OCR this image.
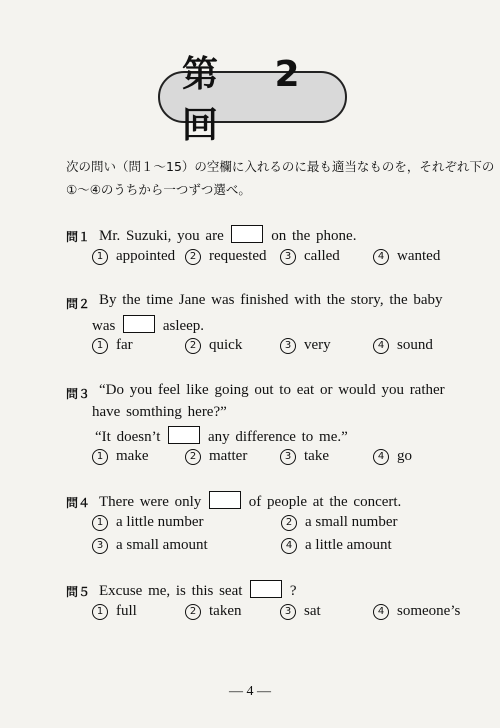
第 2 回
次の問い（問１～15）の空欄に入れるのに最も適当なものを，それぞれ下の
①～④のうちから一つずつ選べ。
問１ Mr. Suzuki, you are	on the phone.
1 appointed	2 requested	3 called	4 wanted
問２ By the time Jane was finished with the story, the baby
was	asleep.
1 far	2 quick	3 very	4 sound
問３ “Do you feel like going out to eat or would you rather
have somthing here?”
“It doesn’t	any difference to me.”
1 make	2 matter	3 take	4 go
問４ There were only	of people at the concert.
1 a little number	2 a small number
3 a small amount	4 a little amount
問５ Excuse me, is this seat	?
1 full	2 taken	3 sat	4 someone’s
— 4 —
